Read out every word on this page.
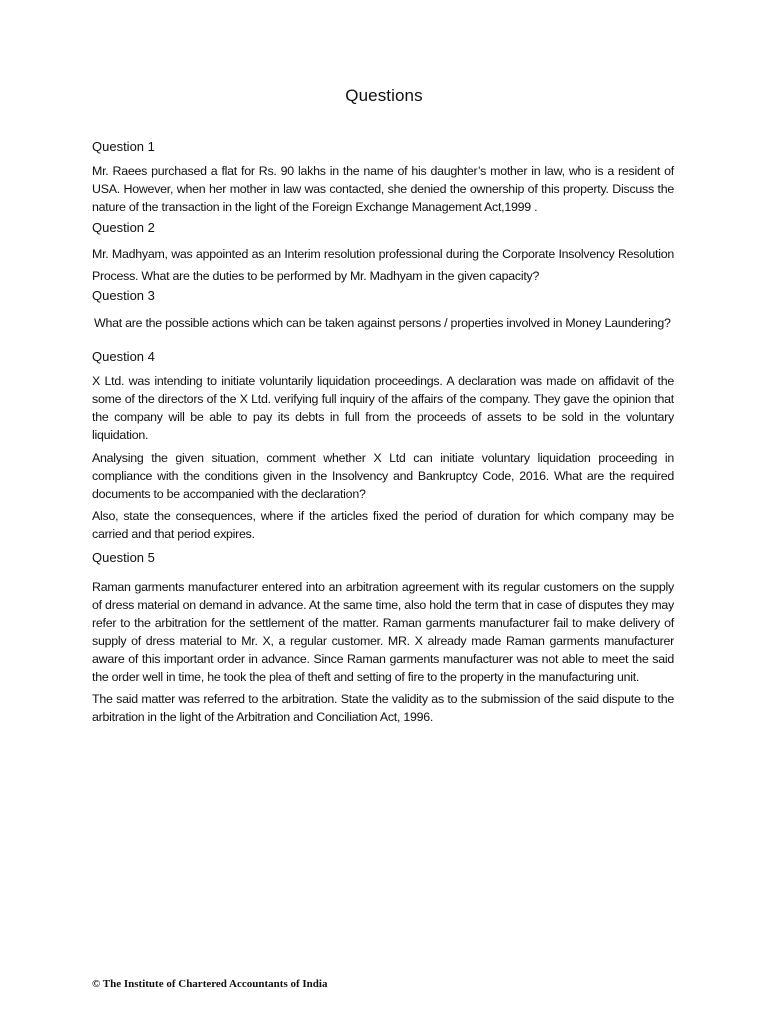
Questions
Question 1

Mr. Raees purchased a flat for Rs. 90 lakhs in the name of his daughter’s mother in law, who is a resident of USA. However, when her mother in law was contacted, she denied the ownership of this property. Discuss the nature of the transaction in the light of the Foreign Exchange Management Act,1999 .

Question 2

Mr. Madhyam, was appointed as an Interim resolution professional during the Corporate Insolvency Resolution Process. What are the duties to be performed by Mr. Madhyam in the given capacity?

Question 3

What are the possible actions which can be taken against persons / properties involved in Money Laundering?

Question 4

X Ltd. was intending to initiate voluntarily liquidation proceedings. A declaration was made on affidavit of the some of the directors of the X Ltd. verifying full inquiry of the affairs of the company. They gave the opinion that the company will be able to pay its debts in full from the proceeds of assets to be sold in the voluntary liquidation.

Analysing the given situation, comment whether X Ltd can initiate voluntary liquidation proceeding in compliance with the conditions given in the Insolvency and Bankruptcy Code, 2016. What are the required documents to be accompanied with the declaration?

Also, state the consequences, where if the articles fixed the period of duration for which company may be carried and that period expires.

Question 5

Raman garments manufacturer entered into an arbitration agreement with its regular customers on the supply of dress material on demand in advance. At the same time, also hold the term that in case of disputes they may refer to the arbitration for the settlement of the matter. Raman garments manufacturer fail to make delivery of supply of dress material to Mr. X, a regular customer. MR. X already made Raman garments manufacturer aware of this important order in advance. Since Raman garments manufacturer was not able to meet the said the order well in time, he took the plea of theft and setting of fire to the property in the manufacturing unit.

The said matter was referred to the arbitration. State the validity as to the submission of the said dispute to the arbitration in the light of the Arbitration and Conciliation Act, 1996.

© The Institute of Chartered Accountants of India
